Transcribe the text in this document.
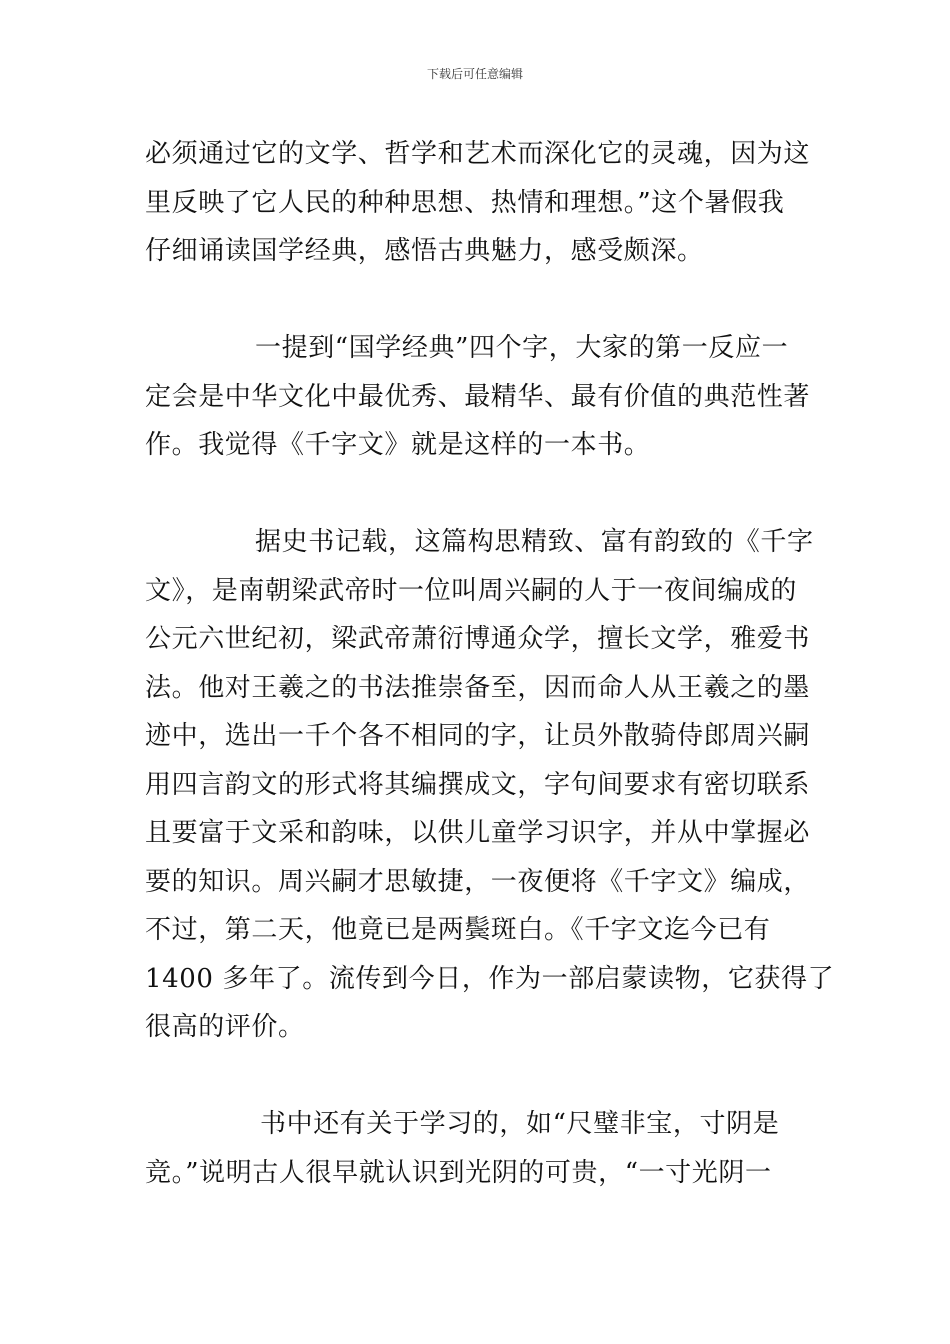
下载后可任意编辑
必须通过它的文学、哲学和艺术而深化它的灵魂，因为这
里反映了它人民的种种思想、热情和理想。”这个暑假我
仔细诵读国学经典，感悟古典魅力，感受颇深。
一提到“国学经典”四个字，大家的第一反应一
定会是中华文化中最优秀、最精华、最有价值的典范性著
作。我觉得《千字文》就是这样的一本书。
据史书记载，这篇构思精致、富有韵致的《千字
文》，是南朝梁武帝时一位叫周兴嗣的人于一夜间编成的
公元六世纪初，梁武帝萧衍博通众学，擅长文学，雅爱书
法。他对王羲之的书法推崇备至，因而命人从王羲之的墨
迹中，选出一千个各不相同的字，让员外散骑侍郎周兴嗣
用四言韵文的形式将其编撰成文，字句间要求有密切联系
且要富于文采和韵味，以供儿童学习识字，并从中掌握必
要的知识。周兴嗣才思敏捷，一夜便将《千字文》编成，
不过，第二天，他竟已是两鬓斑白。《千字文迄今已有
1400 多年了。流传到今日，作为一部启蒙读物，它获得了
很高的评价。
书中还有关于学习的，如“尺璧非宝，寸阴是
竞。”说明古人很早就认识到光阴的可贵，“一寸光阴一
